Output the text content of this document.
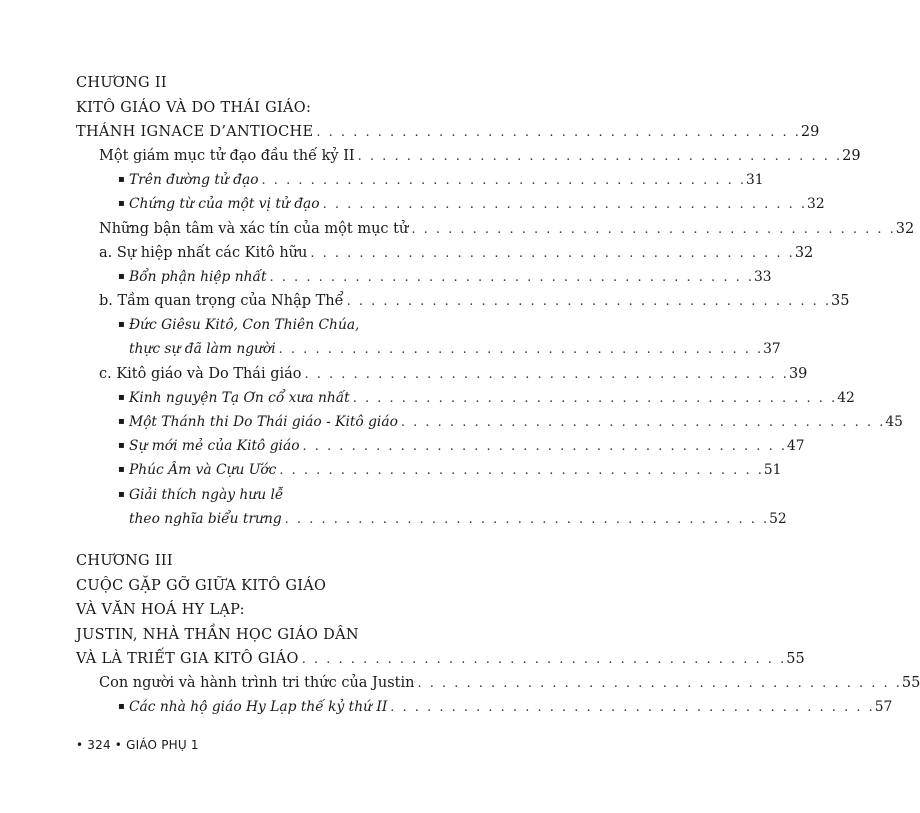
CHƯƠNG II
KITÔ GIÁO VÀ DO THÁI GIÁO:
THÁNH IGNACE D’ANTIOCHE . . . . . . . . . . . . . . . . . . . . . . . . . . . . . . . . . . . . . . . . 29
Một giám mục tử đạo đầu thế kỷ II . . . . . . . . . . . . . . . . . . . . . . . . . . . . . . . . . . . . . . . . 29
▪ Trên đường tử đạo . . . . . . . . . . . . . . . . . . . . . . . . . . . . . . . . . . . . . . . . 31
▪ Chứng từ của một vị tử đạo . . . . . . . . . . . . . . . . . . . . . . . . . . . . . . . . . . . . . . . . 32
Những bận tâm và xác tín của một mục tử . . . . . . . . . . . . . . . . . . . . . . . . . . . . . . . . . . . . . . . . 32
a. Sự hiệp nhất các Kitô hữu . . . . . . . . . . . . . . . . . . . . . . . . . . . . . . . . . . . . . . . . 32
▪ Bổn phận hiệp nhất . . . . . . . . . . . . . . . . . . . . . . . . . . . . . . . . . . . . . . . . 33
b. Tầm quan trọng của Nhập Thể . . . . . . . . . . . . . . . . . . . . . . . . . . . . . . . . . . . . . . . . 35
▪ Đức Giêsu Kitô, Con Thiên Chúa,
thực sự đã làm người . . . . . . . . . . . . . . . . . . . . . . . . . . . . . . . . . . . . . . . . 37
c. Kitô giáo và Do Thái giáo . . . . . . . . . . . . . . . . . . . . . . . . . . . . . . . . . . . . . . . . 39
▪ Kinh nguyện Tạ Ơn cổ xưa nhất . . . . . . . . . . . . . . . . . . . . . . . . . . . . . . . . . . . . . . . . 42
▪ Một Thánh thi Do Thái giáo - Kitô giáo . . . . . . . . . . . . . . . . . . . . . . . . . . . . . . . . . . . . . . . . 45
▪ Sự mới mẻ của Kitô giáo . . . . . . . . . . . . . . . . . . . . . . . . . . . . . . . . . . . . . . . . 47
▪ Phúc Âm và Cựu Ước . . . . . . . . . . . . . . . . . . . . . . . . . . . . . . . . . . . . . . . . 51
▪ Giải thích ngày hưu lễ
theo nghĩa biểu trưng . . . . . . . . . . . . . . . . . . . . . . . . . . . . . . . . . . . . . . . . 52
CHƯƠNG III
CUỘC GẶP GỠ GIỮA KITÔ GIÁO
VÀ VĂN HOÁ HY LẠP:
JUSTIN, NHÀ THẦN HỌC GIÁO DÂN
VÀ LÀ TRIẾT GIA KITÔ GIÁO . . . . . . . . . . . . . . . . . . . . . . . . . . . . . . . . . . . . . . . . 55
Con người và hành trình tri thức của Justin . . . . . . . . . . . . . . . . . . . . . . . . . . . . . . . . . . . . . . . . 55
▪ Các nhà hộ giáo Hy Lạp thế kỷ thứ II . . . . . . . . . . . . . . . . . . . . . . . . . . . . . . . . . . . . . . . . 57
• 324 • GIÁO PHỤ 1
